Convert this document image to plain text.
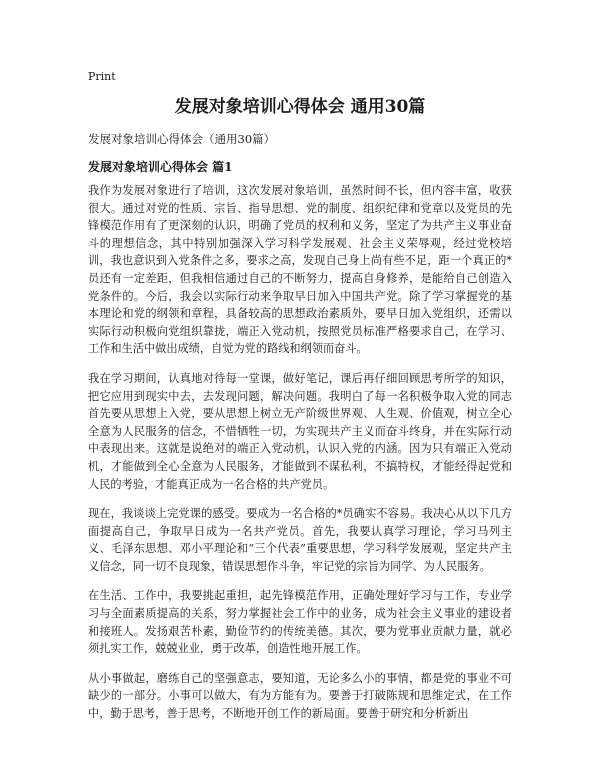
Print
发展对象培训心得体会 通用30篇

发展对象培训心得体会（通用30篇）

发展对象培训心得体会 篇1

我作为发展对象进行了培训，这次发展对象培训，虽然时间不长，但内容丰富，收获很大。通过对党的性质、宗旨、指导思想、党的制度、组织纪律和党章以及党员的先锋模范作用有了更深刻的认识，明确了党员的权利和义务，坚定了为共产主义事业奋斗的理想信念，其中特别加强深入学习科学发展观、社会主义荣辱观，经过党校培训，我也意识到入党条件之多，要求之高，发现自己身上尚有些不足，距一个真正的*员还有一定差距，但我相信通过自己的不断努力，提高自身修养，是能给自己创造入党条件的。今后，我会以实际行动来争取早日加入中国共产党。除了学习掌握党的基本理论和党的纲领和章程，具备较高的思想政治素质外，要早日加入党组织，还需以实际行动积极向党组织靠拢，端正入党动机，按照党员标准严格要求自己，在学习、工作和生活中做出成绩，自觉为党的路线和纲领而奋斗。

我在学习期间，认真地对待每一堂课，做好笔记，课后再仔细回顾思考所学的知识，把它应用到现实中去，去发现问题，解决问题。我明白了每一名积极争取入党的同志首先要从思想上入党，要从思想上树立无产阶级世界观、人生观、价值观，树立全心全意为人民服务的信念，不惜牺牲一切，为实现共产主义而奋斗终身，并在实际行动中表现出来。这就是说绝对的端正入党动机，认识入党的内涵。因为只有端正入党动机，才能做到全心全意为人民服务，才能做到不谋私利，不搞特权，才能经得起党和人民的考验，才能真正成为一名合格的共产党员。

现在，我谈谈上完党课的感受。要成为一名合格的*员确实不容易。我决心从以下几方面提高自己，争取早日成为一名共产党员。首先，我要认真学习理论，学习马列主义、毛泽东思想、邓小平理论和“三个代表”重要思想，学习科学发展观，坚定共产主义信念，同一切不良现象，错误思想作斗争，牢记党的宗旨为同学、为人民服务。

在生活、工作中，我要挑起重担，起先锋模范作用，正确处理好学习与工作，专业学习与全面素质提高的关系，努力掌握社会工作中的业务，成为社会主义事业的建设者和接班人。发扬艰苦朴素，勤俭节约的传统美德。其次，要为党事业贡献力量，就必须扎实工作，兢兢业业，勇于改革，创造性地开展工作。

从小事做起，磨练自己的坚强意志，要知道，无论多么小的事情，都是党的事业不可缺少的一部分。小事可以做大，有为方能有为。要善于打破陈规和思维定式，在工作中，勤于思考，善于思考，不断地开创工作的新局面。要善于研究和分析新出
